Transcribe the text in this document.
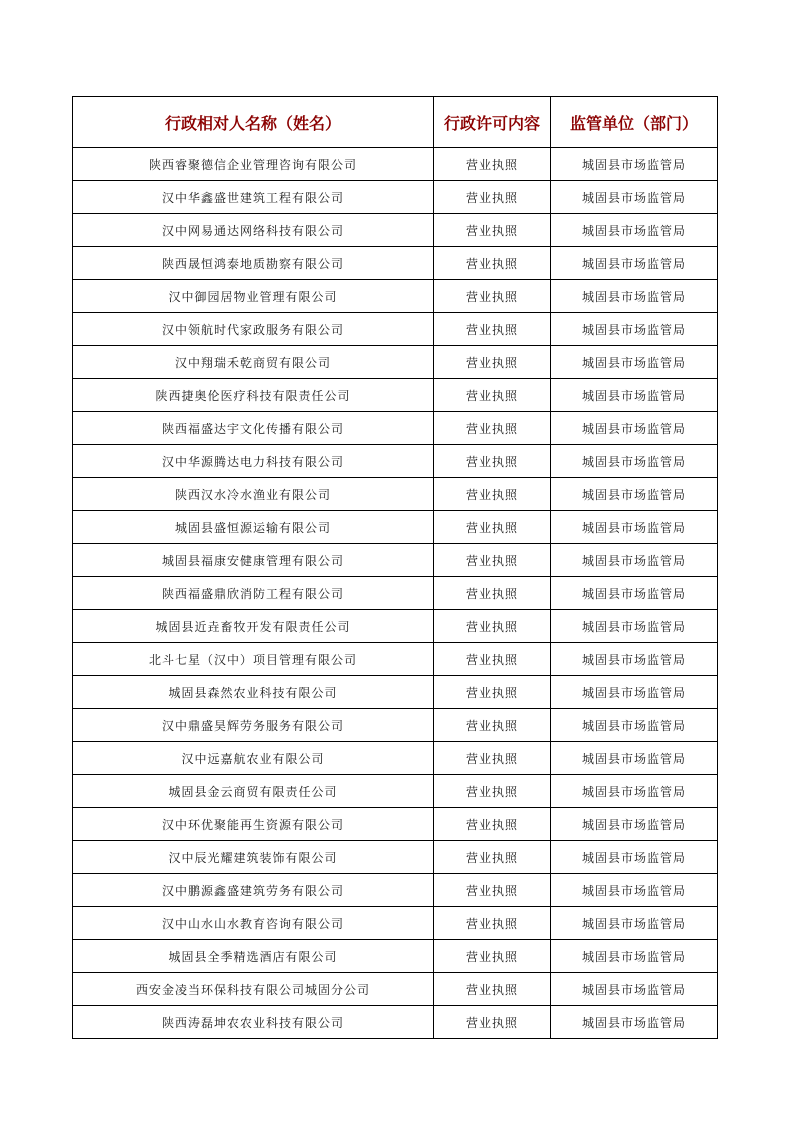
行政相对人名称（姓名）	行政许可内容	监管单位（部门）
陕西睿聚德信企业管理咨询有限公司	营业执照	城固县市场监管局
汉中华鑫盛世建筑工程有限公司	营业执照	城固县市场监管局
汉中网易通达网络科技有限公司	营业执照	城固县市场监管局
陕西晟恒鸿泰地质勘察有限公司	营业执照	城固县市场监管局
汉中御园居物业管理有限公司	营业执照	城固县市场监管局
汉中领航时代家政服务有限公司	营业执照	城固县市场监管局
汉中翔瑞禾乾商贸有限公司	营业执照	城固县市场监管局
陕西捷奥伦医疗科技有限责任公司	营业执照	城固县市场监管局
陕西福盛达宇文化传播有限公司	营业执照	城固县市场监管局
汉中华源腾达电力科技有限公司	营业执照	城固县市场监管局
陕西汉水冷水渔业有限公司	营业执照	城固县市场监管局
城固县盛恒源运输有限公司	营业执照	城固县市场监管局
城固县福康安健康管理有限公司	营业执照	城固县市场监管局
陕西福盛鼎欣消防工程有限公司	营业执照	城固县市场监管局
城固县近垚畜牧开发有限责任公司	营业执照	城固县市场监管局
北斗七星（汉中）项目管理有限公司	营业执照	城固县市场监管局
城固县森然农业科技有限公司	营业执照	城固县市场监管局
汉中鼎盛昊辉劳务服务有限公司	营业执照	城固县市场监管局
汉中远嘉航农业有限公司	营业执照	城固县市场监管局
城固县金云商贸有限责任公司	营业执照	城固县市场监管局
汉中环优聚能再生资源有限公司	营业执照	城固县市场监管局
汉中辰光耀建筑装饰有限公司	营业执照	城固县市场监管局
汉中鹏源鑫盛建筑劳务有限公司	营业执照	城固县市场监管局
汉中山水山水教育咨询有限公司	营业执照	城固县市场监管局
城固县全季精选酒店有限公司	营业执照	城固县市场监管局
西安金凌当环保科技有限公司城固分公司	营业执照	城固县市场监管局
陕西涛磊坤农农业科技有限公司	营业执照	城固县市场监管局
